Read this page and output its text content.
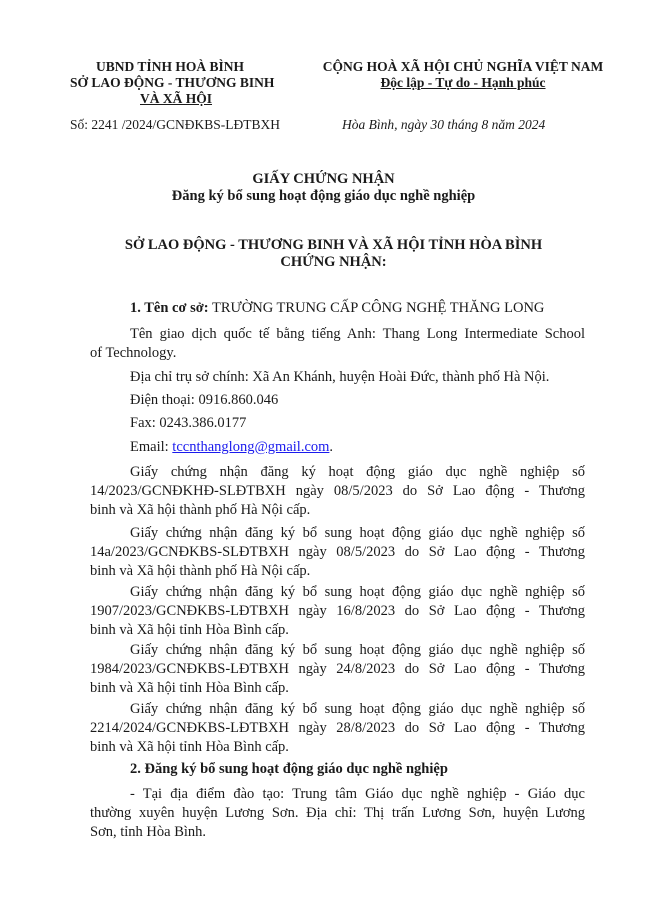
UBND TỈNH HOÀ BÌNH
SỞ LAO ĐỘNG - THƯƠNG BINH
VÀ XÃ HỘI
Số: 2241 /2024/GCNĐKBS-LĐTBXH
CỘNG HOÀ XÃ HỘI CHỦ NGHĨA VIỆT NAM
Độc lập - Tự do - Hạnh phúc
Hòa Bình, ngày 30 tháng 8 năm 2024
GIẤY CHỨNG NHẬN
Đăng ký bổ sung hoạt động giáo dục nghề nghiệp
SỞ LAO ĐỘNG - THƯƠNG BINH VÀ XÃ HỘI TỈNH HÒA BÌNH
CHỨNG NHẬN:
1. Tên cơ sở: TRƯỜNG TRUNG CẤP CÔNG NGHỆ THĂNG LONG
Tên giao dịch quốc tế bằng tiếng Anh: Thang Long Intermediate School
of Technology.
Địa chỉ trụ sở chính: Xã An Khánh, huyện Hoài Đức, thành phố Hà Nội.
Điện thoại: 0916.860.046
Fax: 0243.386.0177
Email: tccnthanglong@gmail.com.
Giấy chứng nhận đăng ký hoạt động giáo dục nghề nghiệp số
14/2023/GCNĐKHĐ-SLĐTBXH ngày 08/5/2023 do Sở Lao động - Thương
binh và Xã hội thành phố Hà Nội cấp.
Giấy chứng nhận đăng ký bổ sung hoạt động giáo dục nghề nghiệp số
14a/2023/GCNĐKBS-SLĐTBXH ngày 08/5/2023 do Sở Lao động - Thương
binh và Xã hội thành phố Hà Nội cấp.
Giấy chứng nhận đăng ký bổ sung hoạt động giáo dục nghề nghiệp số
1907/2023/GCNĐKBS-LĐTBXH ngày 16/8/2023 do Sở Lao động - Thương
binh và Xã hội tỉnh Hòa Bình cấp.
Giấy chứng nhận đăng ký bổ sung hoạt động giáo dục nghề nghiệp số
1984/2023/GCNĐKBS-LĐTBXH ngày 24/8/2023 do Sở Lao động - Thương
binh và Xã hội tỉnh Hòa Bình cấp.
Giấy chứng nhận đăng ký bổ sung hoạt động giáo dục nghề nghiệp số
2214/2024/GCNĐKBS-LĐTBXH ngày 28/8/2023 do Sở Lao động - Thương
binh và Xã hội tỉnh Hòa Bình cấp.
2. Đăng ký bổ sung hoạt động giáo dục nghề nghiệp
- Tại địa điểm đào tạo: Trung tâm Giáo dục nghề nghiệp - Giáo dục
thường xuyên huyện Lương Sơn. Địa chỉ: Thị trấn Lương Sơn, huyện Lương
Sơn, tỉnh Hòa Bình.
